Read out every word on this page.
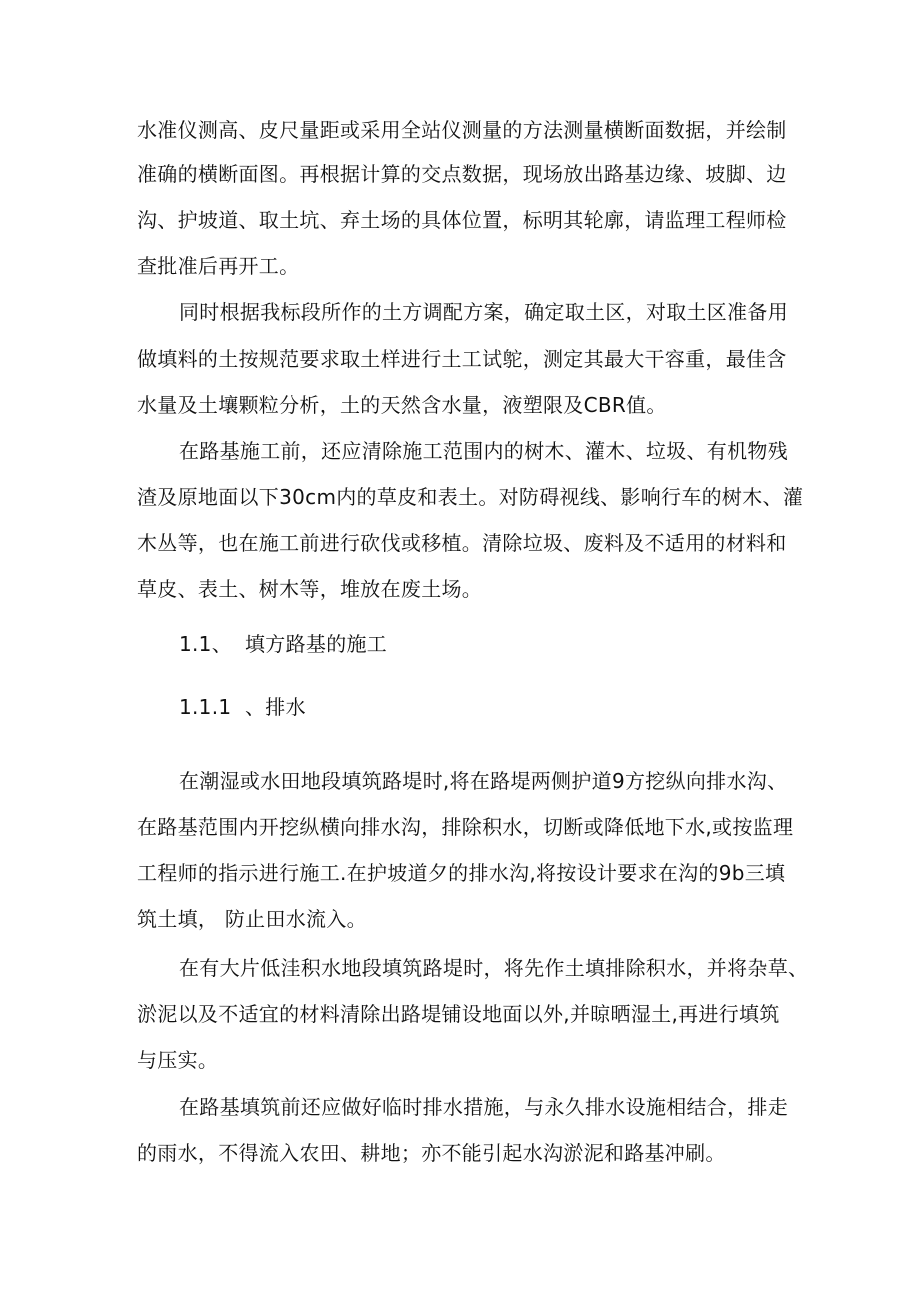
水准仪测高、皮尺量距或采用全站仪测量的方法测量横断面数据，并绘制
准确的横断面图。再根据计算的交点数据，现场放出路基边缘、坡脚、边
沟、护坡道、取土坑、弃土场的具体位置，标明其轮廓，请监理工程师检
查批准后再开工。
同时根据我标段所作的土方调配方案，确定取土区，对取土区准备用
做填料的土按规范要求取土样进行土工试鸵，测定其最大干容重，最佳含
水量及土壤颗粒分析，土的天然含水量，液塑限及CBR值。
在路基施工前，还应清除施工范围内的树木、灌木、垃圾、有机物残
渣及原地面以下30cm内的草皮和表土。对防碍视线、影响行车的树木、灌
木丛等，也在施工前进行砍伐或移植。清除垃圾、废料及不适用的材料和
草皮、表土、树木等，堆放在废土场。
1.1、 填方路基的施工
1.1.1 、排水
在潮湿或水田地段填筑路堤时,将在路堤两侧护道9方挖纵向排水沟、
在路基范围内开挖纵横向排水沟，排除积水，切断或降低地下水,或按监理
工程师的指示进行施工.在护坡道夕的排水沟,将按设计要求在沟的9b三填
筑土填， 防止田水流入。
在有大片低洼积水地段填筑路堤时，将先作土填排除积水，并将杂草、
淤泥以及不适宜的材料清除出路堤铺设地面以外,并晾晒湿土,再进行填筑
与压实。
在路基填筑前还应做好临时排水措施，与永久排水设施相结合，排走
的雨水，不得流入农田、耕地；亦不能引起水沟淤泥和路基冲刷。
